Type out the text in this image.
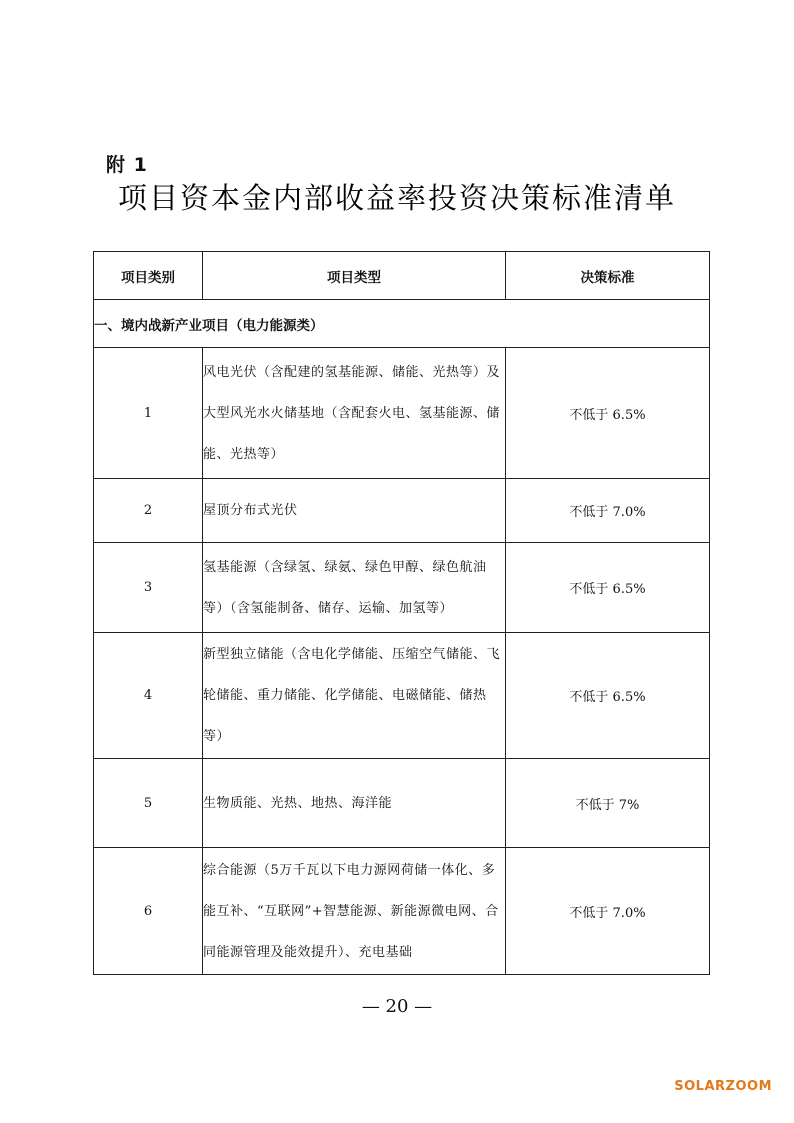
附 1
项目资本金内部收益率投资决策标准清单
项目类别	项目类型	决策标准
一、境内战新产业项目（电力能源类）		
1	风电光伏（含配建的氢基能源、储能、光热等）及大型风光水火储基地（含配套火电、氢基能源、储能、光热等）	不低于 6.5%
2	屋顶分布式光伏	不低于 7.0%
3	氢基能源（含绿氢、绿氨、绿色甲醇、绿色航油等）（含氢能制备、储存、运输、加氢等）	不低于 6.5%
4	新型独立储能（含电化学储能、压缩空气储能、飞轮储能、重力储能、化学储能、电磁储能、储热等）	不低于 6.5%
5	生物质能、光热、地热、海洋能	不低于 7%
6	综合能源（5万千瓦以下电力源网荷储一体化、多能互补、“互联网”+智慧能源、新能源微电网、合同能源管理及能效提升）、充电基础	不低于 7.0%
— 20 —
SOLARZOOM
